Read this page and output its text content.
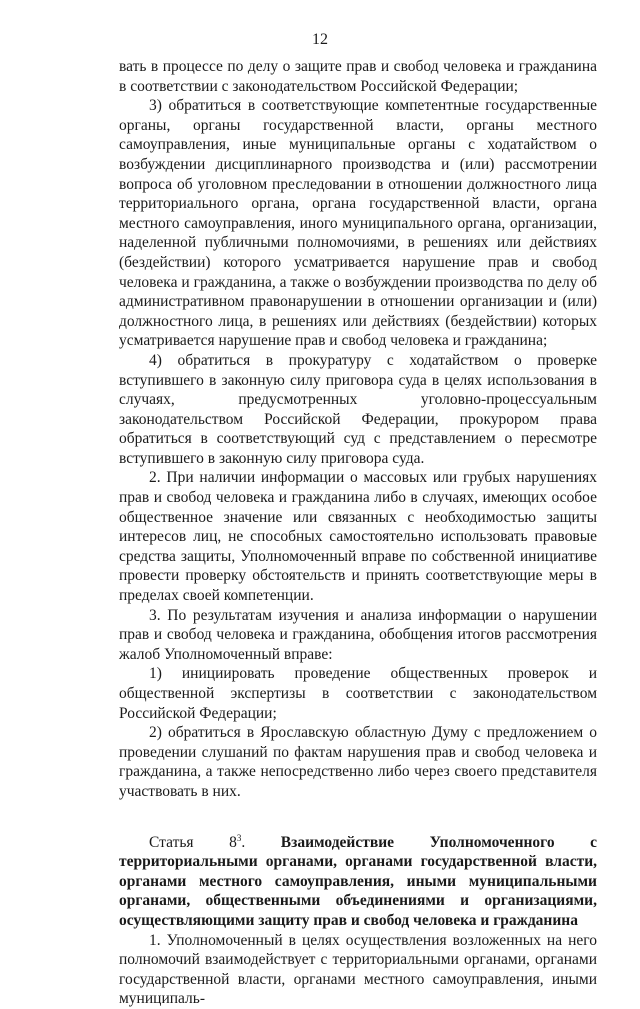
12

вать в процессе по делу о защите прав и свобод человека и гражданина в соответствии с законодательством Российской Федерации;

3) обратиться в соответствующие компетентные государственные органы, органы государственной власти, органы местного самоуправления, иные муниципальные органы с ходатайством о возбуждении дисциплинарного производства и (или) рассмотрении вопроса об уголовном преследовании в отношении должностного лица территориального органа, органа государственной власти, органа местного самоуправления, иного муниципального органа, организации, наделенной публичными полномочиями, в решениях или действиях (бездействии) которого усматривается нарушение прав и свобод человека и гражданина, а также о возбуждении производства по делу об административном правонарушении в отношении организации и (или) должностного лица, в решениях или действиях (бездействии) которых усматривается нарушение прав и свобод человека и гражданина;

4) обратиться в прокуратуру с ходатайством о проверке вступившего в законную силу приговора суда в целях использования в случаях, предусмотренных уголовно-процессуальным законодательством Российской Федерации, прокурором права обратиться в соответствующий суд с представлением о пересмотре вступившего в законную силу приговора суда.

2. При наличии информации о массовых или грубых нарушениях прав и свобод человека и гражданина либо в случаях, имеющих особое общественное значение или связанных с необходимостью защиты интересов лиц, не способных самостоятельно использовать правовые средства защиты, Уполномоченный вправе по собственной инициативе провести проверку обстоятельств и принять соответствующие меры в пределах своей компетенции.

3. По результатам изучения и анализа информации о нарушении прав и свобод человека и гражданина, обобщения итогов рассмотрения жалоб Уполномоченный вправе:

1) инициировать проведение общественных проверок и общественной экспертизы в соответствии с законодательством Российской Федерации;

2) обратиться в Ярославскую областную Думу с предложением о проведении слушаний по фактам нарушения прав и свобод человека и гражданина, а также непосредственно либо через своего представителя участвовать в них.

Статья $8^3$. Взаимодействие Уполномоченного с территориальными органами, органами государственной власти, органами местного самоуправления, иными муниципальными органами, общественными объединениями и организациями, осуществляющими защиту прав и свобод человека и гражданина

1. Уполномоченный в целях осуществления возложенных на него полномочий взаимодействует с территориальными органами, органами государственной власти, органами местного самоуправления, иными муниципаль-
